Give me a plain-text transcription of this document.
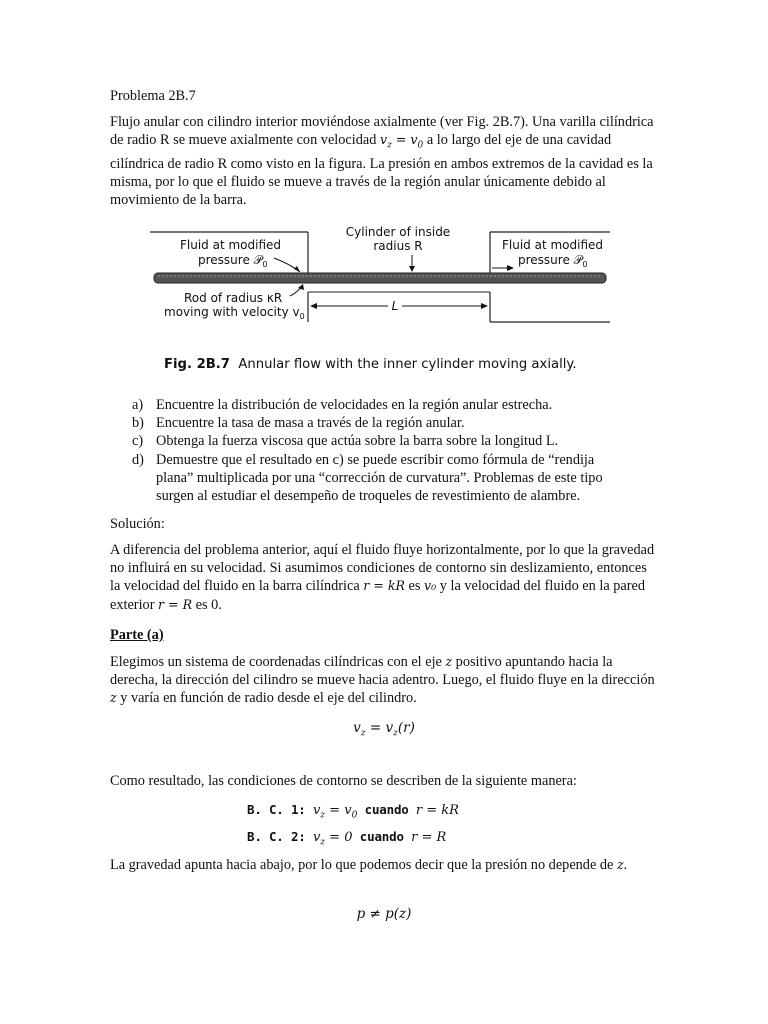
Problema 2B.7

Flujo anular con cilindro interior moviéndose axialmente (ver Fig. 2B.7). Una varilla cilíndrica de radio R se mueve axialmente con velocidad $v_z = v_0$ a lo largo del eje de una cavidad cilíndrica de radio R como visto en la figura. La presión en ambos extremos de la cavidad es la misma, por lo que el fluido se mueve a través de la región anular únicamente debido al movimiento de la barra.

Fluid at modified
pressure 𝒫$_0$
Cylinder of inside
radius R	Fluid at modified
pressure 𝒫$_0$
Rod of radius κR
moving with velocity $v_0$
L
Fig. 2B.7 Annular flow with the inner cylinder moving axially.
a) Encuentre la distribución de velocidades en la región anular estrecha.
b) Encuentre la tasa de masa a través de la región anular.
c) Obtenga la fuerza viscosa que actúa sobre la barra sobre la longitud L.
d) Demuestre que el resultado en c) se puede escribir como fórmula de “rendija plana” multiplicada por una “corrección de curvatura”. Problemas de este tipo surgen al estudiar el desempeño de troqueles de revestimiento de alambre.

Solución:

A diferencia del problema anterior, aquí el fluido fluye horizontalmente, por lo que la gravedad no influirá en su velocidad. Si asumimos condiciones de contorno sin deslizamiento, entonces la velocidad del fluido en la barra cilíndrica r = kR es v₀ y la velocidad del fluido en la pared exterior r = R es 0.

Parte (a)

Elegimos un sistema de coordenadas cilíndricas con el eje z positivo apuntando hacia la derecha, la dirección del cilindro se mueve hacia adentro. Luego, el fluido fluye en la dirección z y varía en función de radio desde el eje del cilindro.

$v_z = v_z(r)$

Como resultado, las condiciones de contorno se describen de la siguiente manera:

B. C. 1: $v_z = v_0$ cuando r = kR
B. C. 2: $v_z = 0$ cuando r = R

La gravedad apunta hacia abajo, por lo que podemos decir que la presión no depende de z.

p ≠ p(z)
